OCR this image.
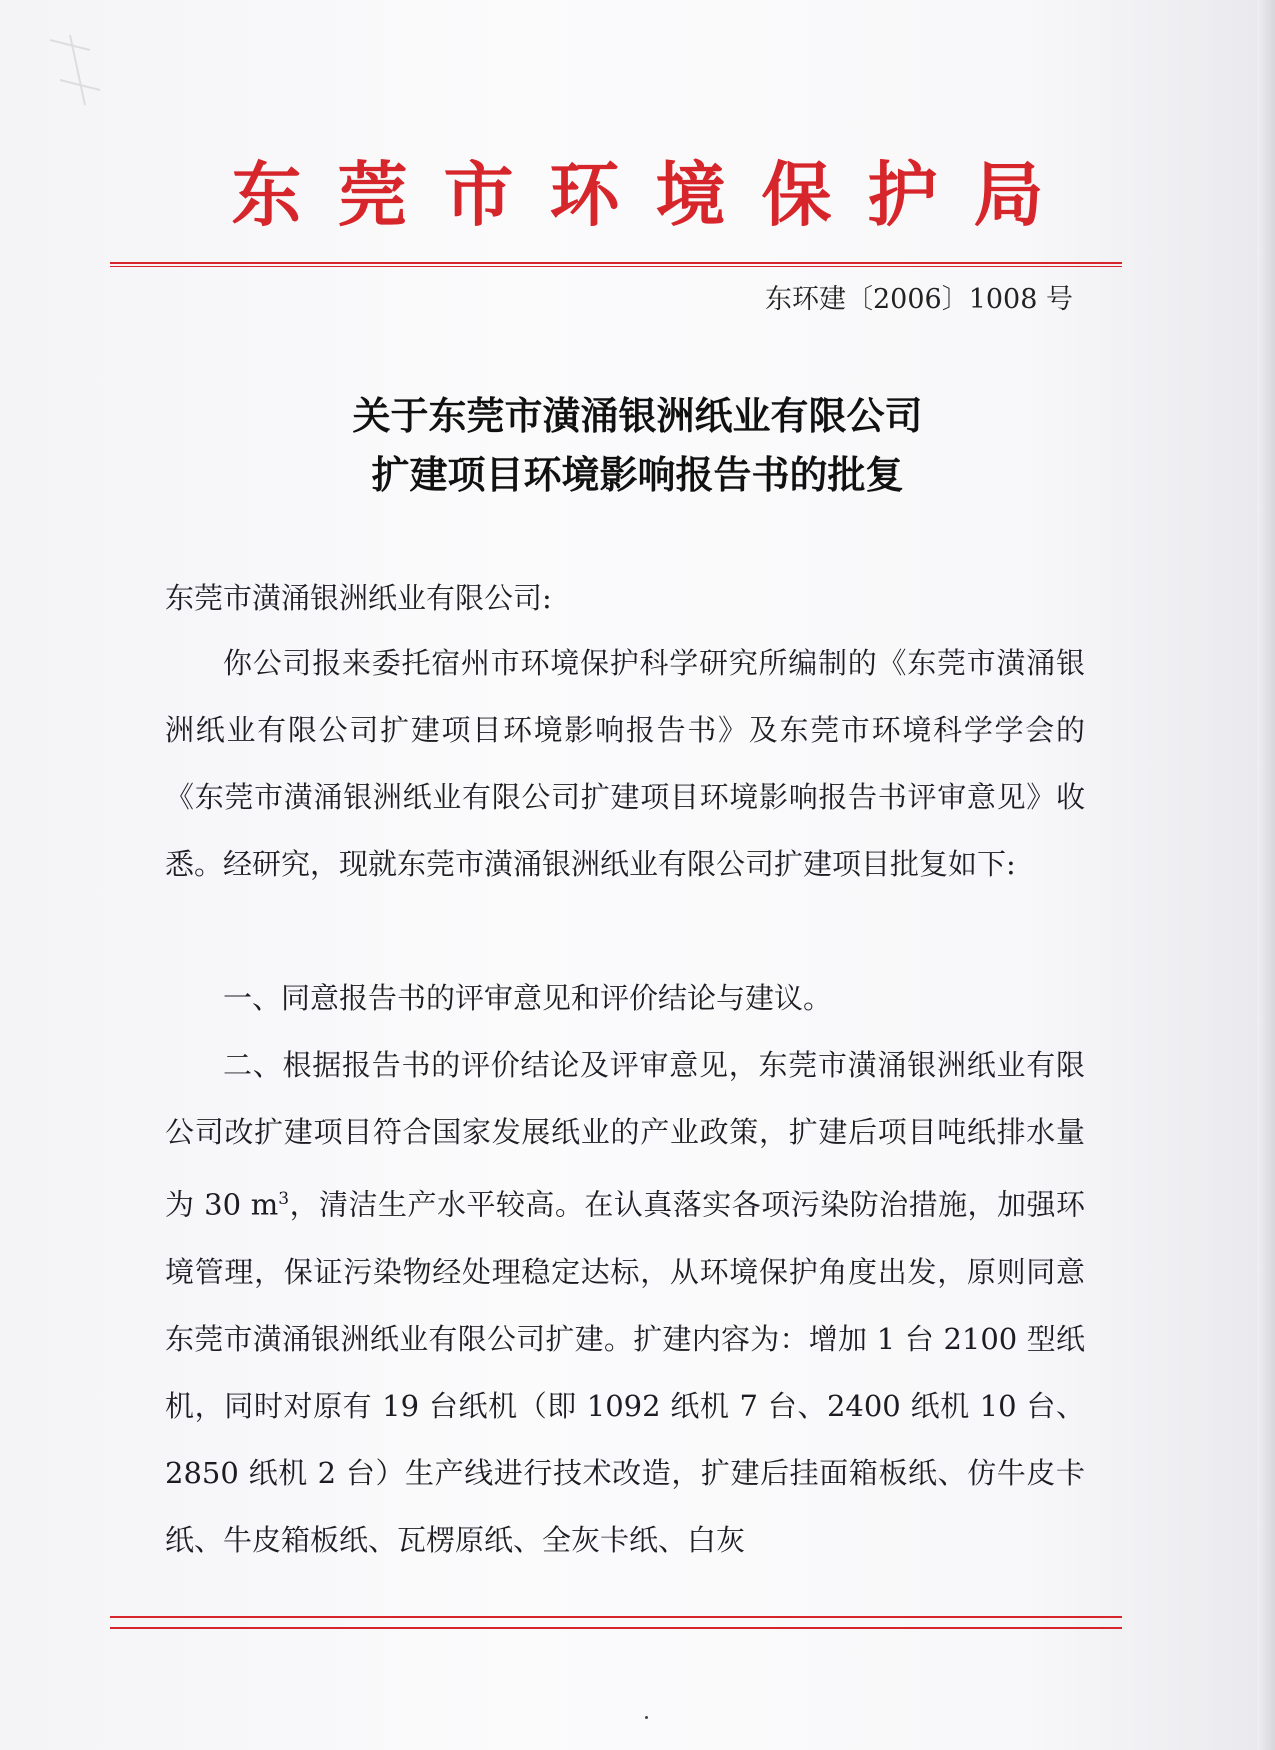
东莞市环境保护局
东环建〔2006〕1008 号
关于东莞市潢涌银洲纸业有限公司
扩建项目环境影响报告书的批复
东莞市潢涌银洲纸业有限公司:
你公司报来委托宿州市环境保护科学研究所编制的《东莞市潢涌银洲纸业有限公司扩建项目环境影响报告书》及东莞市环境科学学会的《东莞市潢涌银洲纸业有限公司扩建项目环境影响报告书评审意见》收悉。经研究，现就东莞市潢涌银洲纸业有限公司扩建项目批复如下:
一、同意报告书的评审意见和评价结论与建议。
二、根据报告书的评价结论及评审意见，东莞市潢涌银洲纸业有限公司改扩建项目符合国家发展纸业的产业政策，扩建后项目吨纸排水量为 30 $m^3$，清洁生产水平较高。在认真落实各项污染防治措施，加强环境管理，保证污染物经处理稳定达标，从环境保护角度出发，原则同意东莞市潢涌银洲纸业有限公司扩建。扩建内容为：增加 1 台 2100 型纸机，同时对原有 19 台纸机（即 1092 纸机 7 台、2400 纸机 10 台、2850 纸机 2 台）生产线进行技术改造，扩建后挂面箱板纸、仿牛皮卡纸、牛皮箱板纸、瓦楞原纸、全灰卡纸、白灰
